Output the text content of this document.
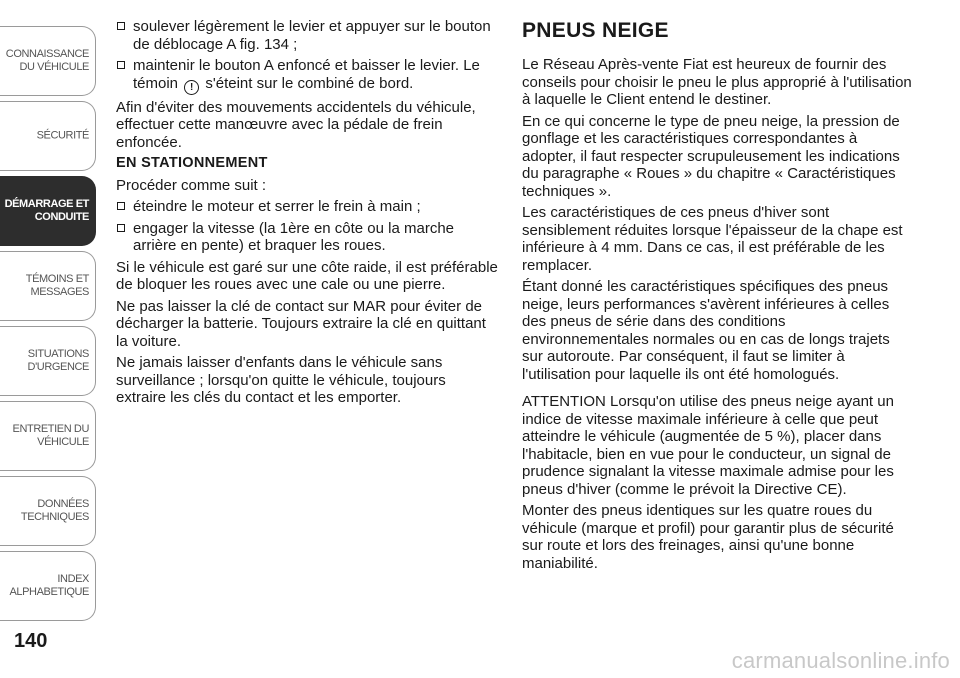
CONNAISSANCE
DU VÉHICULE
SÉCURITÉ
DÉMARRAGE ET
CONDUITE
TÉMOINS ET
MESSAGES
SITUATIONS
D'URGENCE
ENTRETIEN DU
VÉHICULE
DONNÉES
TECHNIQUES
INDEX
ALPHABETIQUE
140
soulever légèrement le levier et appuyer sur le bouton de déblocage A fig. 134 ;
maintenir le bouton A enfoncé et baisser le levier. Le témoin ! s'éteint sur le combiné de bord.

Afin d'éviter des mouvements accidentels du véhicule, effectuer cette manœuvre avec la pédale de frein enfoncée.

EN STATIONNEMENT

Procéder comme suit :

éteindre le moteur et serrer le frein à main ;
engager la vitesse (la 1ère en côte ou la marche arrière en pente) et braquer les roues.

Si le véhicule est garé sur une côte raide, il est préférable de bloquer les roues avec une cale ou une pierre.

Ne pas laisser la clé de contact sur MAR pour éviter de décharger la batterie. Toujours extraire la clé en quittant la voiture.

Ne jamais laisser d'enfants dans le véhicule sans surveillance ; lorsqu'on quitte le véhicule, toujours extraire les clés du contact et les emporter.

PNEUS NEIGE

Le Réseau Après-vente Fiat est heureux de fournir des conseils pour choisir le pneu le plus approprié à l'utilisation à laquelle le Client entend le destiner.

En ce qui concerne le type de pneu neige, la pression de gonflage et les caractéristiques correspondantes à adopter, il faut respecter scrupuleusement les indications du paragraphe « Roues » du chapitre « Caractéristiques techniques ».

Les caractéristiques de ces pneus d'hiver sont sensiblement réduites lorsque l'épaisseur de la chape est inférieure à 4 mm. Dans ce cas, il est préférable de les remplacer.

Étant donné les caractéristiques spécifiques des pneus neige, leurs performances s'avèrent inférieures à celles des pneus de série dans des conditions environnementales normales ou en cas de longs trajets sur autoroute. Par conséquent, il faut se limiter à l'utilisation pour laquelle ils ont été homologués.

ATTENTION Lorsqu'on utilise des pneus neige ayant un indice de vitesse maximale inférieure à celle que peut atteindre le véhicule (augmentée de 5 %), placer dans l'habitacle, bien en vue pour le conducteur, un signal de prudence signalant la vitesse maximale admise pour les pneus d'hiver (comme le prévoit la Directive CE).

Monter des pneus identiques sur les quatre roues du véhicule (marque et profil) pour garantir plus de sécurité sur route et lors des freinages, ainsi qu'une bonne maniabilité.

carmanualsonline.info
